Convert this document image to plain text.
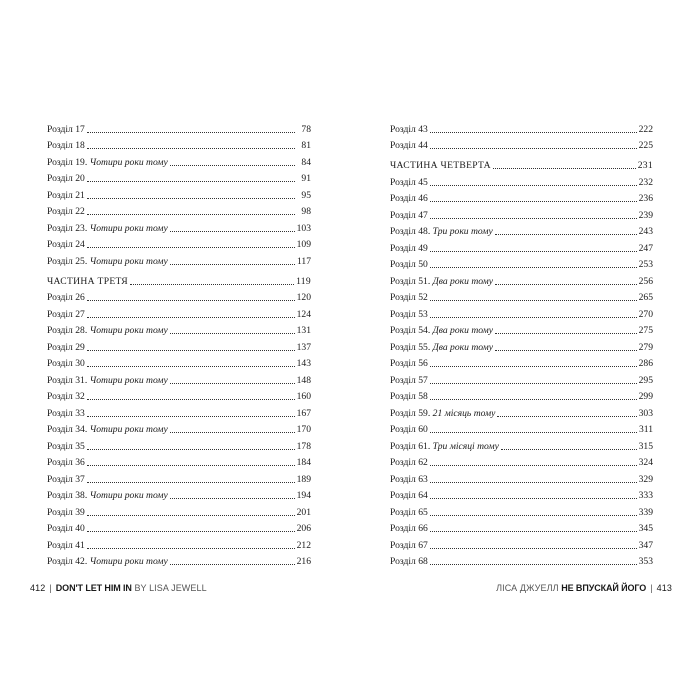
Розділ 17	78
Розділ 18	81
Розділ 19. Чотири роки тому	84
Розділ 20	91
Розділ 21	95
Розділ 22	98
Розділ 23. Чотири роки тому	103
Розділ 24	109
Розділ 25. Чотири роки тому	117
ЧАСТИНА ТРЕТЯ	119
Розділ 26	120
Розділ 27	124
Розділ 28. Чотири роки тому	131
Розділ 29	137
Розділ 30	143
Розділ 31. Чотири роки тому	148
Розділ 32	160
Розділ 33	167
Розділ 34. Чотири роки тому	170
Розділ 35	178
Розділ 36	184
Розділ 37	189
Розділ 38. Чотири роки тому	194
Розділ 39	201
Розділ 40	206
Розділ 41	212
Розділ 42. Чотири роки тому	216
Розділ 43	222
Розділ 44	225
ЧАСТИНА ЧЕТВЕРТА	231
Розділ 45	232
Розділ 46	236
Розділ 47	239
Розділ 48. Три роки тому	243
Розділ 49	247
Розділ 50	253
Розділ 51. Два роки тому	256
Розділ 52	265
Розділ 53	270
Розділ 54. Два роки тому	275
Розділ 55. Два роки тому	279
Розділ 56	286
Розділ 57	295
Розділ 58	299
Розділ 59. 21 місяць тому	303
Розділ 60	311
Розділ 61. Три місяці тому	315
Розділ 62	324
Розділ 63	329
Розділ 64	333
Розділ 65	339
Розділ 66	345
Розділ 67	347
Розділ 68	353
412 | DON'T LET HIM IN BY LISA JEWELL	ЛІСА ДЖУЕЛЛ НЕ ВПУСКАЙ ЙОГО | 413
